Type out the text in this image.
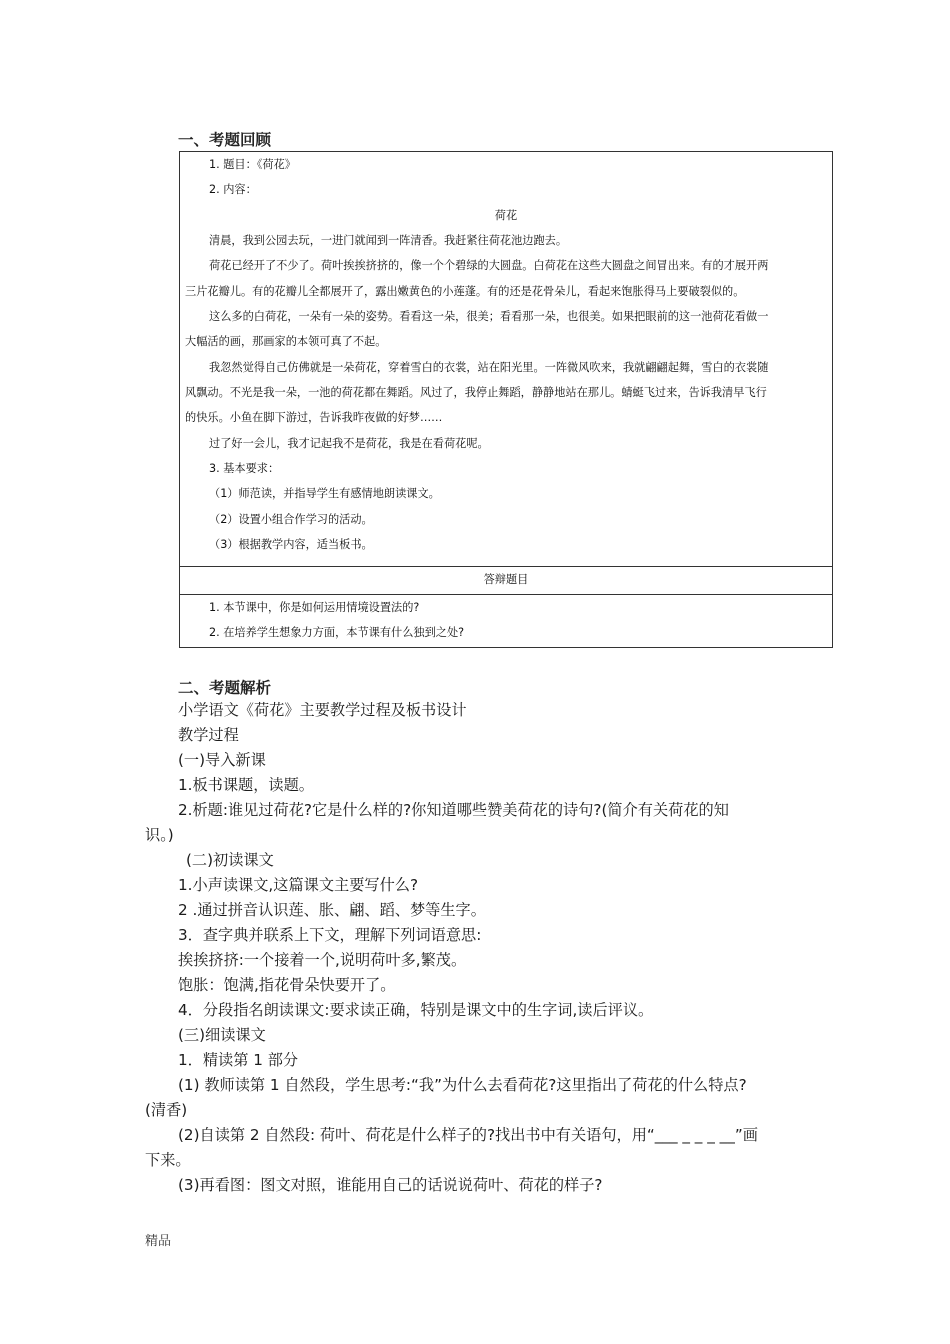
一、考题回顾
1. 题目：《荷花》
2. 内容：
荷花
清晨，我到公园去玩，一进门就闻到一阵清香。我赶紧往荷花池边跑去。
荷花已经开了不少了。荷叶挨挨挤挤的，像一个个碧绿的大圆盘。白荷花在这些大圆盘之间冒出来。有的才展开两
三片花瓣儿。有的花瓣儿全都展开了，露出嫩黄色的小莲蓬。有的还是花骨朵儿，看起来饱胀得马上要破裂似的。
这么多的白荷花，一朵有一朵的姿势。看看这一朵，很美；看看那一朵，也很美。如果把眼前的这一池荷花看做一
大幅活的画，那画家的本领可真了不起。
我忽然觉得自己仿佛就是一朵荷花，穿着雪白的衣裳，站在阳光里。一阵微风吹来，我就翩翩起舞，雪白的衣裳随
风飘动。不光是我一朵，一池的荷花都在舞蹈。风过了，我停止舞蹈，静静地站在那儿。蜻蜓飞过来，告诉我清早飞行
的快乐。小鱼在脚下游过，告诉我昨夜做的好梦……
过了好一会儿，我才记起我不是荷花，我是在看荷花呢。
3. 基本要求：
（1）师范读，并指导学生有感情地朗读课文。
（2）设置小组合作学习的活动。
（3）根据教学内容，适当板书。
答辩题目
1. 本节课中，你是如何运用情境设置法的?
2. 在培养学生想象力方面，本节课有什么独到之处?
二、考题解析
小学语文《荷花》主要教学过程及板书设计
教学过程
(一)导入新课
1.板书课题，读题。
2.析题:谁见过荷花?它是什么样的?你知道哪些赞美荷花的诗句?(简介有关荷花的知
识。)
(二)初读课文
1.小声读课文,这篇课文主要写什么?
2 .通过拼音认识莲、胀、翩、蹈、梦等生字。
3．查字典并联系上下文，理解下列词语意思:
挨挨挤挤:一个接着一个,说明荷叶多,繁茂。
饱胀：饱满,指花骨朵快要开了。
4．分段指名朗读课文:要求读正确，特别是课文中的生字词,读后评议。
(三)细读课文
1．精读第 1 部分
(1) 教师读第 1 自然段，学生思考:“我”为什么去看荷花?这里指出了荷花的什么特点?
(清香)
(2)自读第 2 自然段: 荷叶、荷花是什么样子的?找出书中有关语句，用“___ _ _ _ __”画
下来。
(3)再看图：图文对照，谁能用自己的话说说荷叶、荷花的样子?
精品
